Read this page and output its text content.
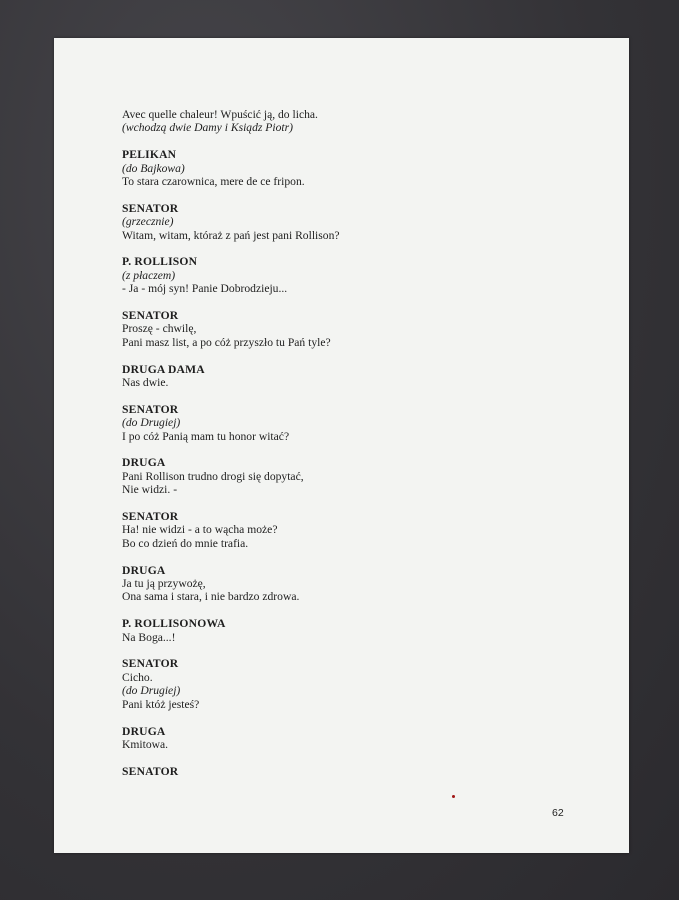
Avec quelle chaleur! Wpuścić ją, do licha.
(wchodzą dwie Damy i Ksiądz Piotr)
PELIKAN
(do Bajkowa)
To stara czarownica, mere de ce fripon.
SENATOR
(grzecznie)
Witam, witam, któraż z pań jest pani Rollison?
P. ROLLISON
(z płaczem)
- Ja - mój syn! Panie Dobrodzieju...
SENATOR
Proszę - chwilę,
Pani masz list, a po cóż przyszło tu Pań tyle?
DRUGA DAMA
Nas dwie.
SENATOR
(do Drugiej)
I po cóż Panią mam tu honor witać?
DRUGA
Pani Rollison trudno drogi się dopytać,
Nie widzi. -
SENATOR
Ha! nie widzi - a to wącha może?
Bo co dzień do mnie trafia.
DRUGA
Ja tu ją przywożę,
Ona sama i stara, i nie bardzo zdrowa.
P. ROLLISONOWA
Na Boga...!
SENATOR
Cicho.
(do Drugiej)
Pani któż jesteś?
DRUGA
Kmitowa.
SENATOR
62
